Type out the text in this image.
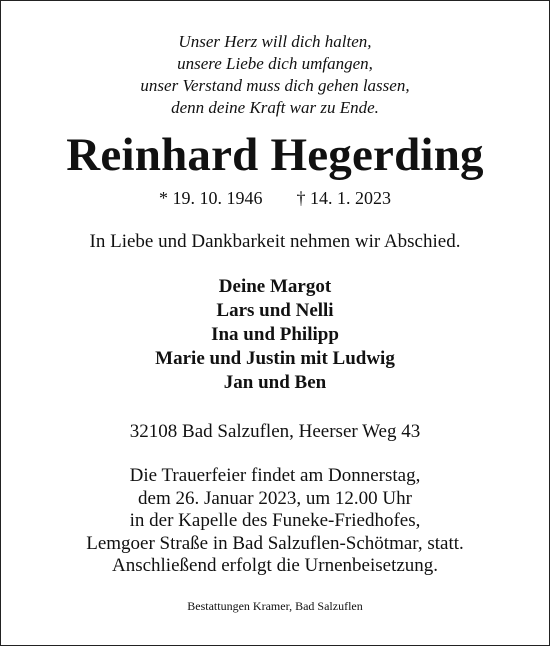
Unser Herz will dich halten,
unsere Liebe dich umfangen,
unser Verstand muss dich gehen lassen,
denn deine Kraft war zu Ende.
Reinhard Hegerding
* 19. 10. 1946 † 14. 1. 2023
In Liebe und Dankbarkeit nehmen wir Abschied.
Deine Margot
Lars und Nelli
Ina und Philipp
Marie und Justin mit Ludwig
Jan und Ben
32108 Bad Salzuflen, Heerser Weg 43
Die Trauerfeier findet am Donnerstag,
dem 26. Januar 2023, um 12.00 Uhr
in der Kapelle des Funeke-Friedhofes,
Lemgoer Straße in Bad Salzuflen-Schötmar, statt.
Anschließend erfolgt die Urnenbeisetzung.
Bestattungen Kramer, Bad Salzuflen
